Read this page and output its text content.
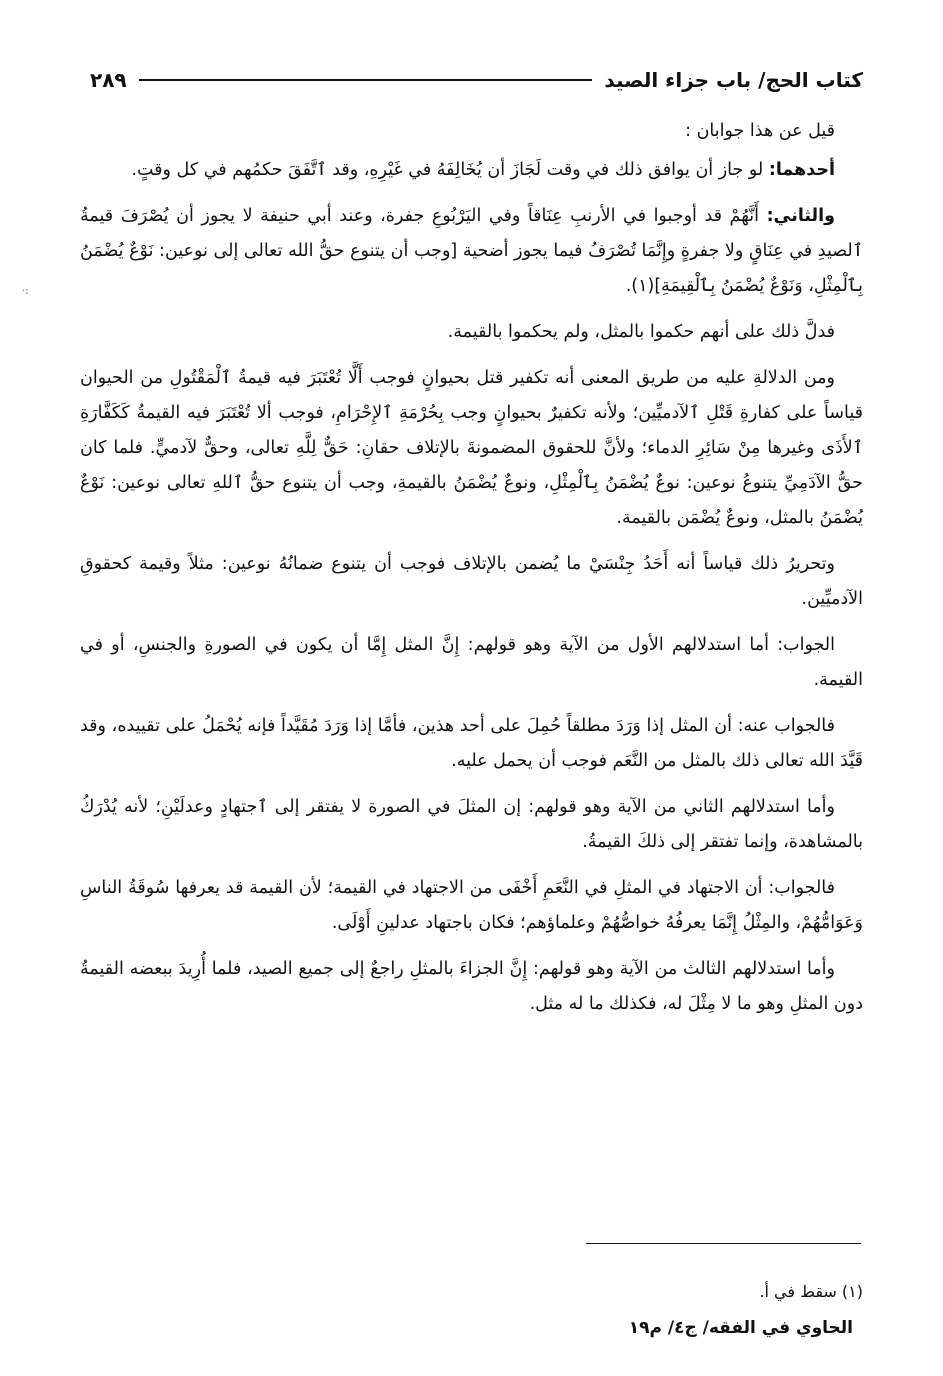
كتاب الحج/ باب جزاء الصيد
٢٨٩

قيل عن هذا جوابان :

أحدهما: لو جاز أن يوافق ذلك في وقت لَجَازَ أن يُخَالِفَهُ في غَيْرِهِ، وقد ٱتَّفَقَ حكمُهم في كل وقتٍ.

والثاني: أَنَّهُمْ قد أوجبوا في الأرنبِ عِنَاقاً وفي اليَرْبُوعِ جفرة، وعند أبي حنيفة لا يجوز أن يُصْرَفَ قيمةُ ٱلصيدِ في عِنَاقٍ ولا جفرةٍ وإِنَّمَا تُصْرَفُ فيما يجوز أضحية [وجب أن يتنوع حقُّ الله تعالى إلى نوعين: نَوْعٌ يُضْمَنُ بِٱلْمِثْلِ، وَنَوْعٌ يُضْمَنُ بِٱلْقِيمَةِ](١).

فدلَّ ذلك على أنهم حكموا بالمثل، ولم يحكموا بالقيمة.

ومن الدلالةِ عليه من طريق المعنى أنه تكفير قتل بحيوانٍ فوجب أَلَّا تُعْتَبَرَ فيه قيمةُ ٱلْمَقْتُولِ من الحيوان قياساً على كفارةِ قَتْلِ ٱلآدميِّين؛ ولأنه تكفيرٌ بحيوانٍ وجب بِحُرْمَةِ ٱلإِحْرَامِ، فوجب ألا تُعْتَبَرَ فيه القيمةُ كَكَفَّارَةِ ٱلأَذَى وغيرها مِنْ سَائِرِ الدماء؛ ولأنَّ للحقوق المضمونةَ بالإتلاف حقانِ: حَقٌّ لِلَّهِ تعالى، وحقٌّ لآدميٍّ. فلما كان حقُّ الآدَمِيِّ يتنوعُ نوعين: نوعٌ يُضْمَنُ بِٱلْمِثْلِ، ونوعٌ يُضْمَنُ بالقيمةِ، وجب أن يتنوع حقُّ ٱللهِ تعالى نوعين: نَوْعٌ يُضْمَنُ بالمثل، ونوعٌ يُضْمَن بالقيمة.

وتحريرُ ذلك قياساً أنه أَحَدُ جِنْسَيْ ما يُضمن بالإتلاف فوجب أن يتنوع ضمانُهُ نوعين: مثلاً وقيمة كحقوقِ الآدميِّين.

الجواب: أما استدلالهم الأول من الآية وهو قولهم: إِنَّ المثل إِمَّا أن يكون في الصورةِ والجنسِ، أو في القيمة.

فالجواب عنه: أن المثل إذا وَرَدَ مطلقاً حُمِلَ على أحد هذين، فأمَّا إذا وَرَدَ مُقَيَّداً فإنه يُحْمَلُ على تقييده، وقد قَيَّدَ الله تعالى ذلك بالمثل من النَّعَم فوجب أن يحمل عليه.

وأما استدلالهم الثاني من الآية وهو قولهم: إن المثلَ في الصورة لا يفتقر إلى ٱجتهادٍ وعدلَيْنِ؛ لأنه يُدْرَكُ بالمشاهدة، وإنما تفتقر إلى ذلكَ القيمةُ.

فالجواب: أن الاجتهاد في المثلِ في النَّعَمِ أَخْفَى من الاجتهاد في القيمة؛ لأن القيمة قد يعرفها سُوقَةُ الناسِ وَعَوَامُّهُمْ، والمِثْلُ إِنَّمَا يعرفُهُ خواصُّهُمْ وعلماؤهم؛ فكان باجتهاد عدلينِ أَوْلَى.

وأما استدلالهم الثالث من الآية وهو قولهم: إِنَّ الجزاءَ بالمثلِ راجعٌ إلى جميع الصيد، فلما أُرِيدَ ببعضه القيمةُ دون المثلِ وهو ما لا مِثْلَ له، فكذلك ما له مثل.

(١) سقط في أ.
الحاوي في الفقه/ ج٤/ م١٩
·:
